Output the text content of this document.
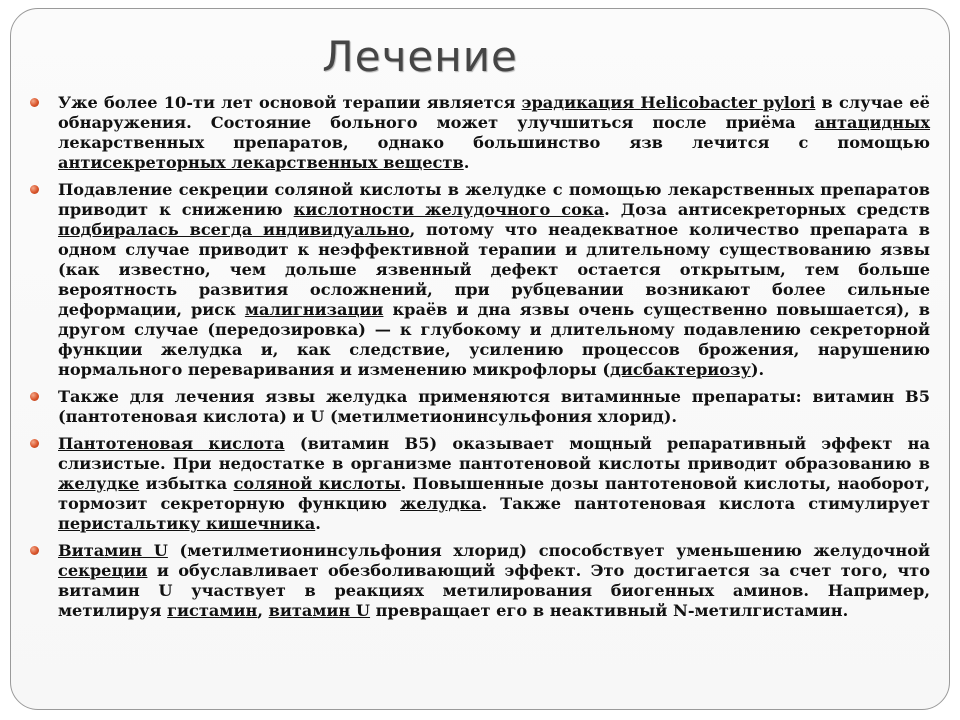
Лечение
Уже более 10-ти лет основой терапии является эрадикация Helicobacter pylori в случае её обнаружения. Состояние больного может улучшиться после приёма антацидных лекарственных препаратов, однако большинство язв лечится с помощью антисекреторных лекарственных веществ.
Подавление секреции соляной кислоты в желудке с помощью лекарственных препаратов приводит к снижению кислотности желудочного сока. Доза антисекреторных средств подбиралась всегда индивидуально, потому что неадекватное количество препарата в одном случае приводит к неэффективной терапии и длительному существованию язвы (как известно, чем дольше язвенный дефект остается открытым, тем больше вероятность развития осложнений, при рубцевании возникают более сильные деформации, риск малигнизации краёв и дна язвы очень существенно повышается), в другом случае (передозировка) — к глубокому и длительному подавлению секреторной функции желудка и, как следствие, усилению процессов брожения, нарушению нормального переваривания и изменению микрофлоры (дисбактериозу).
Также для лечения язвы желудка применяются витаминные препараты: витамин B5 (пантотеновая кислота) и U (метилметионинсульфония хлорид).
Пантотеновая кислота (витамин B5) оказывает мощный репаративный эффект на слизистые. При недостатке в организме пантотеновой кислоты приводит образованию в желудке избытка соляной кислоты. Повышенные дозы пантотеновой кислоты, наоборот, тормозит секреторную функцию желудка. Также пантотеновая кислота стимулирует перистальтику кишечника.
Витамин U (метилметионинсульфония хлорид) способствует уменьшению желудочной секреции и обуславливает обезболивающий эффект. Это достигается за счет того, что витамин U участвует в реакциях метилирования биогенных аминов. Например, метилируя гистамин, витамин U превращает его в неактивный N-метилгистамин.
